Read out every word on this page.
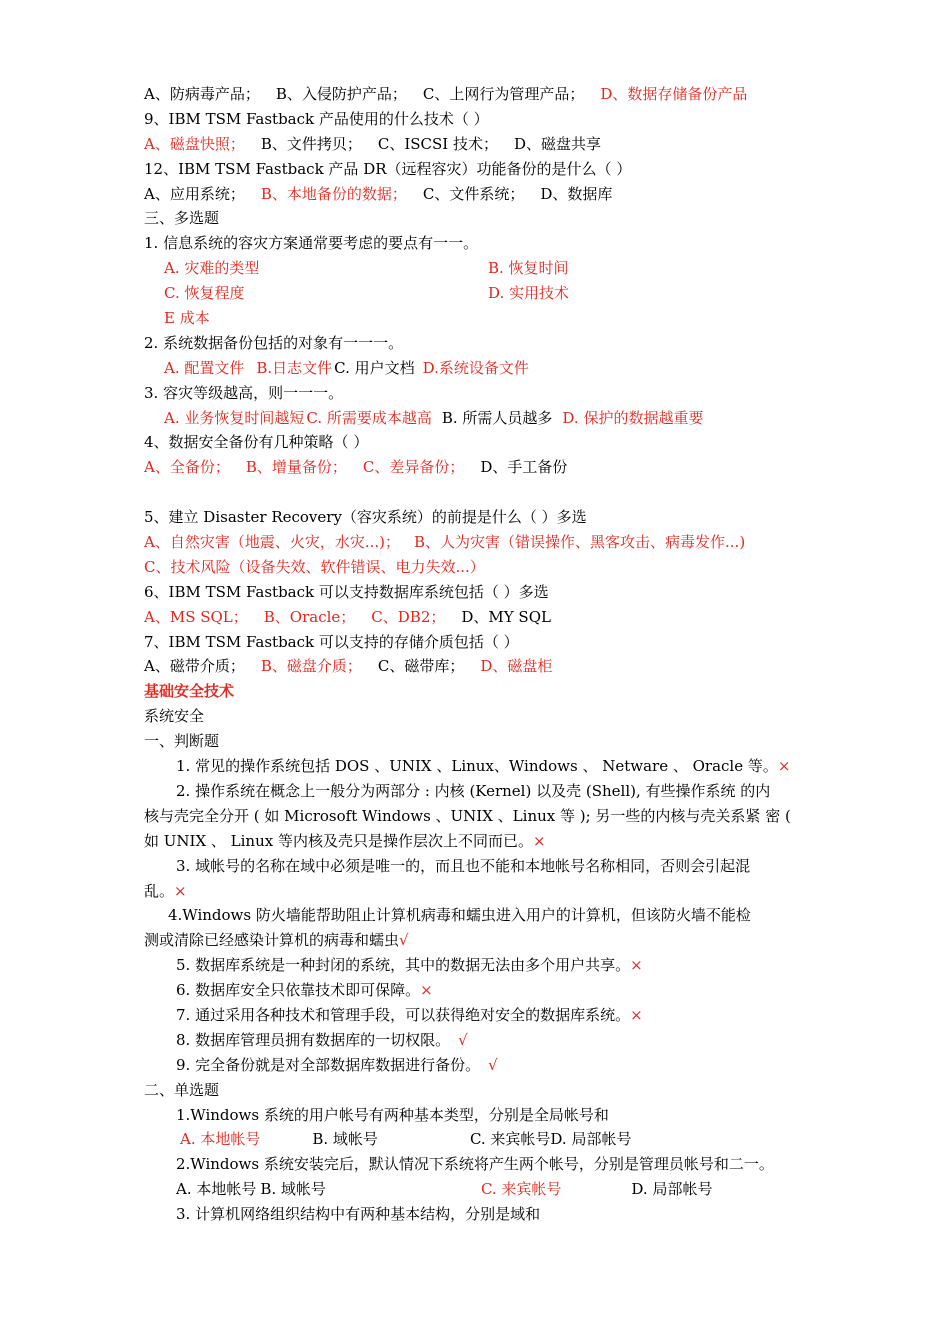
A、防病毒产品； B、入侵防护产品； C、上网行为管理产品； D、数据存储备份产品
9、IBM TSM Fastback 产品使用的什么技术（ ）
A、磁盘快照； B、文件拷贝； C、ISCSI 技术； D、磁盘共享
12、IBM TSM Fastback 产品 DR（远程容灾）功能备份的是什么（ ）
A、应用系统； B、本地备份的数据； C、文件系统； D、数据库
三、多选题
1. 信息系统的容灾方案通常要考虑的要点有一一。
A. 灾难的类型	B. 恢复时间
C. 恢复程度	D. 实用技术
E 成本
2. 系统数据备份包括的对象有一一一。
A. 配置文件 B.日志文件 C. 用户文档 D.系统设备文件
3. 容灾等级越高，则一一一。
A. 业务恢复时间越短 C. 所需要成本越高 B. 所需人员越多 D. 保护的数据越重要
4、数据安全备份有几种策略（ ）
A、全备份； B、增量备份； C、差异备份； D、手工备份
5、建立 Disaster Recovery（容灾系统）的前提是什么（ ）多选
A、自然灾害（地震、火灾，水灾...)； B、人为灾害（错误操作、黑客攻击、病毒发作...)
C、技术风险（设备失效、软件错误、电力失效...）
6、IBM TSM Fastback 可以支持数据库系统包括（ ）多选
A、MS SQL； B、Oracle； C、DB2； D、MY SQL
7、IBM TSM Fastback 可以支持的存储介质包括（ ）
A、磁带介质； B、磁盘介质； C、磁带库； D、磁盘柜
基础安全技术
系统安全
一、判断题
1. 常见的操作系统包括 DOS 、UNIX 、Linux、Windows 、 Netware 、 Oracle 等。×
2. 操作系统在概念上一般分为两部分 : 内核 (Kernel) 以及壳 (Shell), 有些操作系统 的内
核与壳完全分开 ( 如 Microsoft Windows 、UNIX 、Linux 等 ); 另一些的内核与壳关系紧 密 (
如 UNIX 、 Linux 等内核及壳只是操作层次上不同而已。×
3. 域帐号的名称在域中必须是唯一的，而且也不能和本地帐号名称相同，否则会引起混
乱。×
4.Windows 防火墙能帮助阻止计算机病毒和蠕虫进入用户的计算机，但该防火墙不能检
测或清除已经感染计算机的病毒和蠕虫√
5. 数据库系统是一种封闭的系统，其中的数据无法由多个用户共享。×
6. 数据库安全只依靠技术即可保障。×
7. 通过采用各种技术和管理手段，可以获得绝对安全的数据库系统。×
8. 数据库管理员拥有数据库的一切权限。 √
9. 完全备份就是对全部数据库数据进行备份。 √
二、单选题
1.Windows 系统的用户帐号有两种基本类型，分别是全局帐号和
A. 本地帐号	B. 域帐号	C. 来宾帐号D. 局部帐号
2.Windows 系统安装完后，默认情况下系统将产生两个帐号，分别是管理员帐号和二一。
A. 本地帐号 B. 域帐号	C. 来宾帐号	D. 局部帐号
3. 计算机网络组织结构中有两种基本结构，分别是域和
